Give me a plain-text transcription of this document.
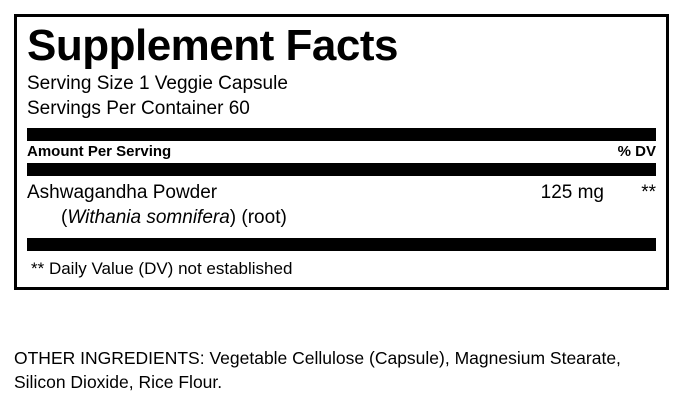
Supplement Facts
Serving Size 1 Veggie Capsule
Servings Per Container 60
Amount Per Serving	% DV
Ashwagandha Powder	125 mg	**
(Withania somnifera) (root)
** Daily Value (DV) not established
OTHER INGREDIENTS: Vegetable Cellulose (Capsule), Magnesium Stearate, Silicon Dioxide, Rice Flour.
